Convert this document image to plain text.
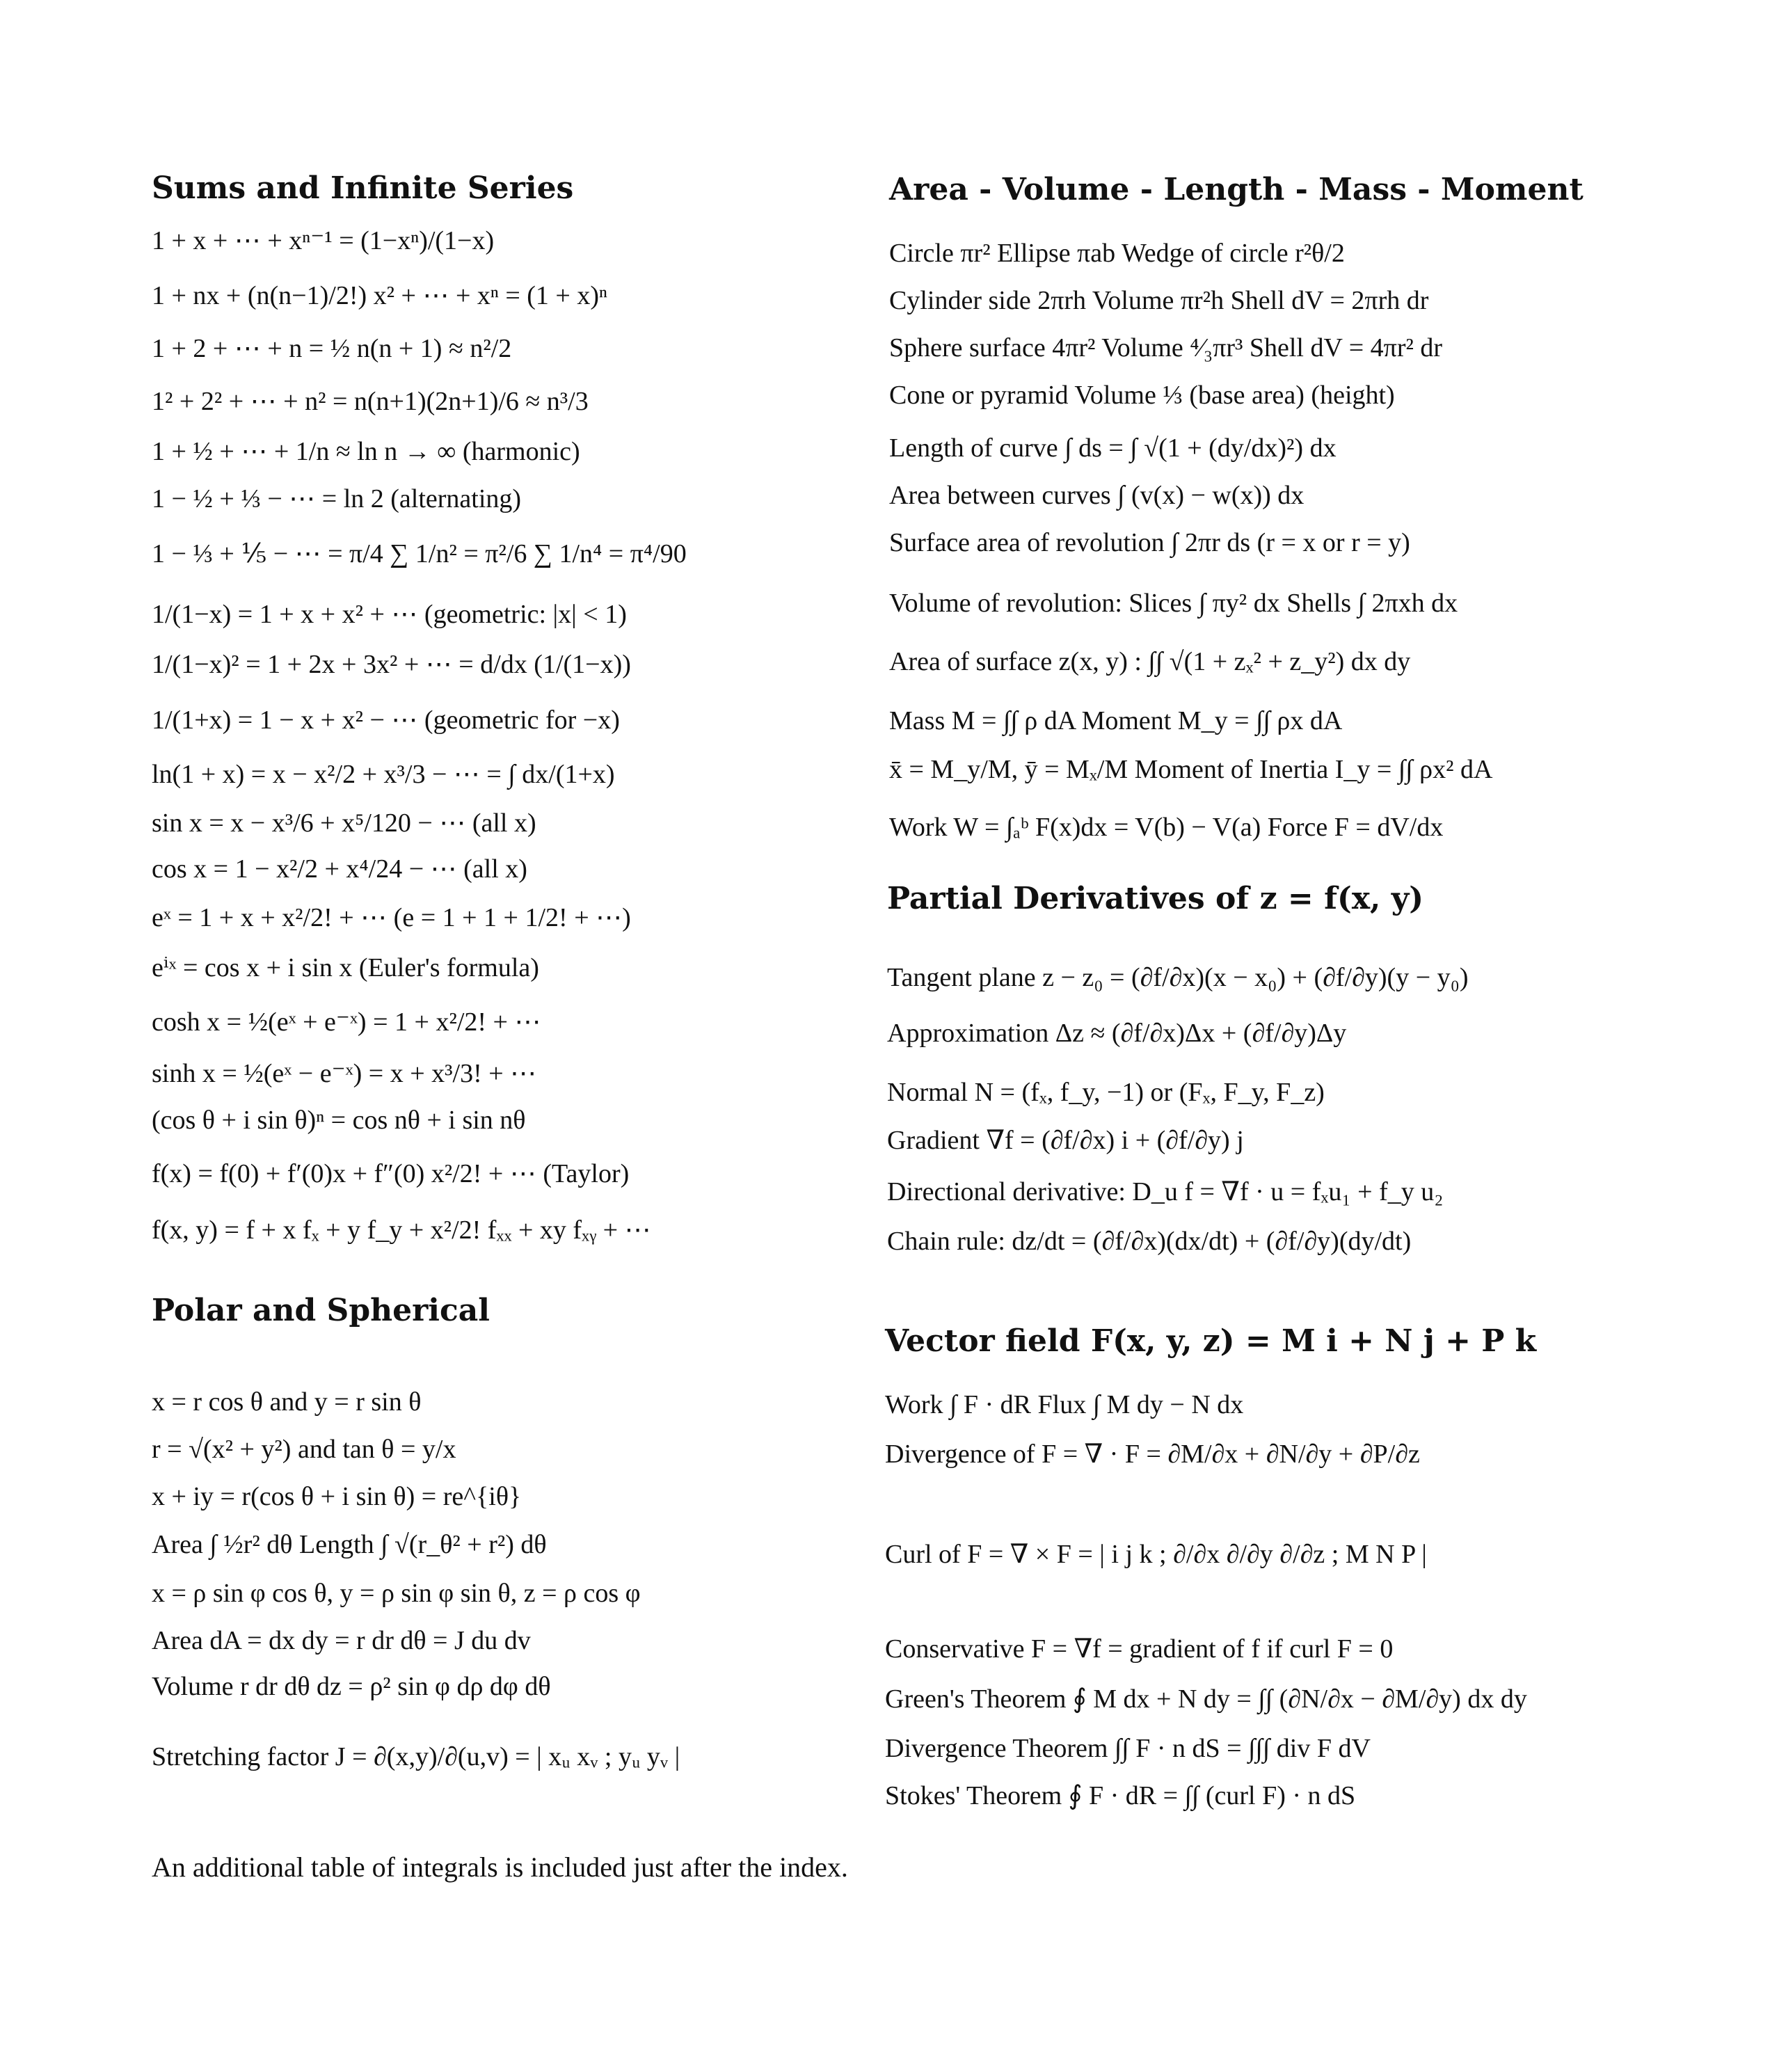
Sums and Infinite Series
1 + x + ⋯ + xⁿ⁻¹ = (1−xⁿ)/(1−x)
1 + nx + (n(n−1)/2!) x² + ⋯ + xⁿ = (1 + x)ⁿ
1 + 2 + ⋯ + n = ½ n(n + 1) ≈ n²/2
1² + 2² + ⋯ + n² = n(n+1)(2n+1)/6 ≈ n³/3
1 + ½ + ⋯ + 1/n ≈ ln n → ∞ (harmonic)
1 − ½ + ⅓ − ⋯ = ln 2 (alternating)
1 − ⅓ + ⅕ − ⋯ = π/4 ∑ 1/n² = π²/6 ∑ 1/n⁴ = π⁴/90
1/(1−x) = 1 + x + x² + ⋯ (geometric: |x| < 1)
1/(1−x)² = 1 + 2x + 3x² + ⋯ = d/dx (1/(1−x))
1/(1+x) = 1 − x + x² − ⋯ (geometric for −x)
ln(1 + x) = x − x²/2 + x³/3 − ⋯ = ∫ dx/(1+x)
sin x = x − x³/6 + x⁵/120 − ⋯ (all x)
cos x = 1 − x²/2 + x⁴/24 − ⋯ (all x)
eˣ = 1 + x + x²/2! + ⋯ (e = 1 + 1 + 1/2! + ⋯)
eⁱˣ = cos x + i sin x (Euler's formula)
cosh x = ½(eˣ + e⁻ˣ) = 1 + x²/2! + ⋯
sinh x = ½(eˣ − e⁻ˣ) = x + x³/3! + ⋯
(cos θ + i sin θ)ⁿ = cos nθ + i sin nθ
f(x) = f(0) + f′(0)x + f″(0) x²/2! + ⋯ (Taylor)
f(x, y) = f + x fₓ + y f_y + x²/2! fₓₓ + xy fₓᵧ + ⋯
Polar and Spherical
x = r cos θ and y = r sin θ
r = √(x² + y²) and tan θ = y/x
x + iy = r(cos θ + i sin θ) = re^{iθ}
Area ∫ ½r² dθ Length ∫ √(r_θ² + r²) dθ
x = ρ sin φ cos θ, y = ρ sin φ sin θ, z = ρ cos φ
Area dA = dx dy = r dr dθ = J du dv
Volume r dr dθ dz = ρ² sin φ dρ dφ dθ
Stretching factor J = ∂(x,y)/∂(u,v) = | xᵤ xᵥ ; yᵤ yᵥ |
Area - Volume - Length - Mass - Moment
Circle πr² Ellipse πab Wedge of circle r²θ/2
Cylinder side 2πrh Volume πr²h Shell dV = 2πrh dr
Sphere surface 4πr² Volume ⁴⁄₃πr³ Shell dV = 4πr² dr
Cone or pyramid Volume ⅓ (base area) (height)
Length of curve ∫ ds = ∫ √(1 + (dy/dx)²) dx
Area between curves ∫ (v(x) − w(x)) dx
Surface area of revolution ∫ 2πr ds (r = x or r = y)
Volume of revolution: Slices ∫ πy² dx Shells ∫ 2πxh dx
Area of surface z(x, y) : ∫∫ √(1 + zₓ² + z_y²) dx dy
Mass M = ∫∫ ρ dA Moment M_y = ∫∫ ρx dA
x̄ = M_y/M, ȳ = Mₓ/M Moment of Inertia I_y = ∫∫ ρx² dA
Work W = ∫ₐᵇ F(x)dx = V(b) − V(a) Force F = dV/dx
Partial Derivatives of z = f(x, y)
Tangent plane z − z₀ = (∂f/∂x)(x − x₀) + (∂f/∂y)(y − y₀)
Approximation Δz ≈ (∂f/∂x)Δx + (∂f/∂y)Δy
Normal N = (fₓ, f_y, −1) or (Fₓ, F_y, F_z)
Gradient ∇f = (∂f/∂x) i + (∂f/∂y) j
Directional derivative: D_u f = ∇f · u = fₓu₁ + f_y u₂
Chain rule: dz/dt = (∂f/∂x)(dx/dt) + (∂f/∂y)(dy/dt)
Vector field F(x, y, z) = M i + N j + P k
Work ∫ F · dR Flux ∫ M dy − N dx
Divergence of F = ∇ · F = ∂M/∂x + ∂N/∂y + ∂P/∂z
Curl of F = ∇ × F = | i j k ; ∂/∂x ∂/∂y ∂/∂z ; M N P |
Conservative F = ∇f = gradient of f if curl F = 0
Green's Theorem ∮ M dx + N dy = ∫∫ (∂N/∂x − ∂M/∂y) dx dy
Divergence Theorem ∫∫ F · n dS = ∫∫∫ div F dV
Stokes' Theorem ∮ F · dR = ∫∫ (curl F) · n dS
An additional table of integrals is included just after the index.
